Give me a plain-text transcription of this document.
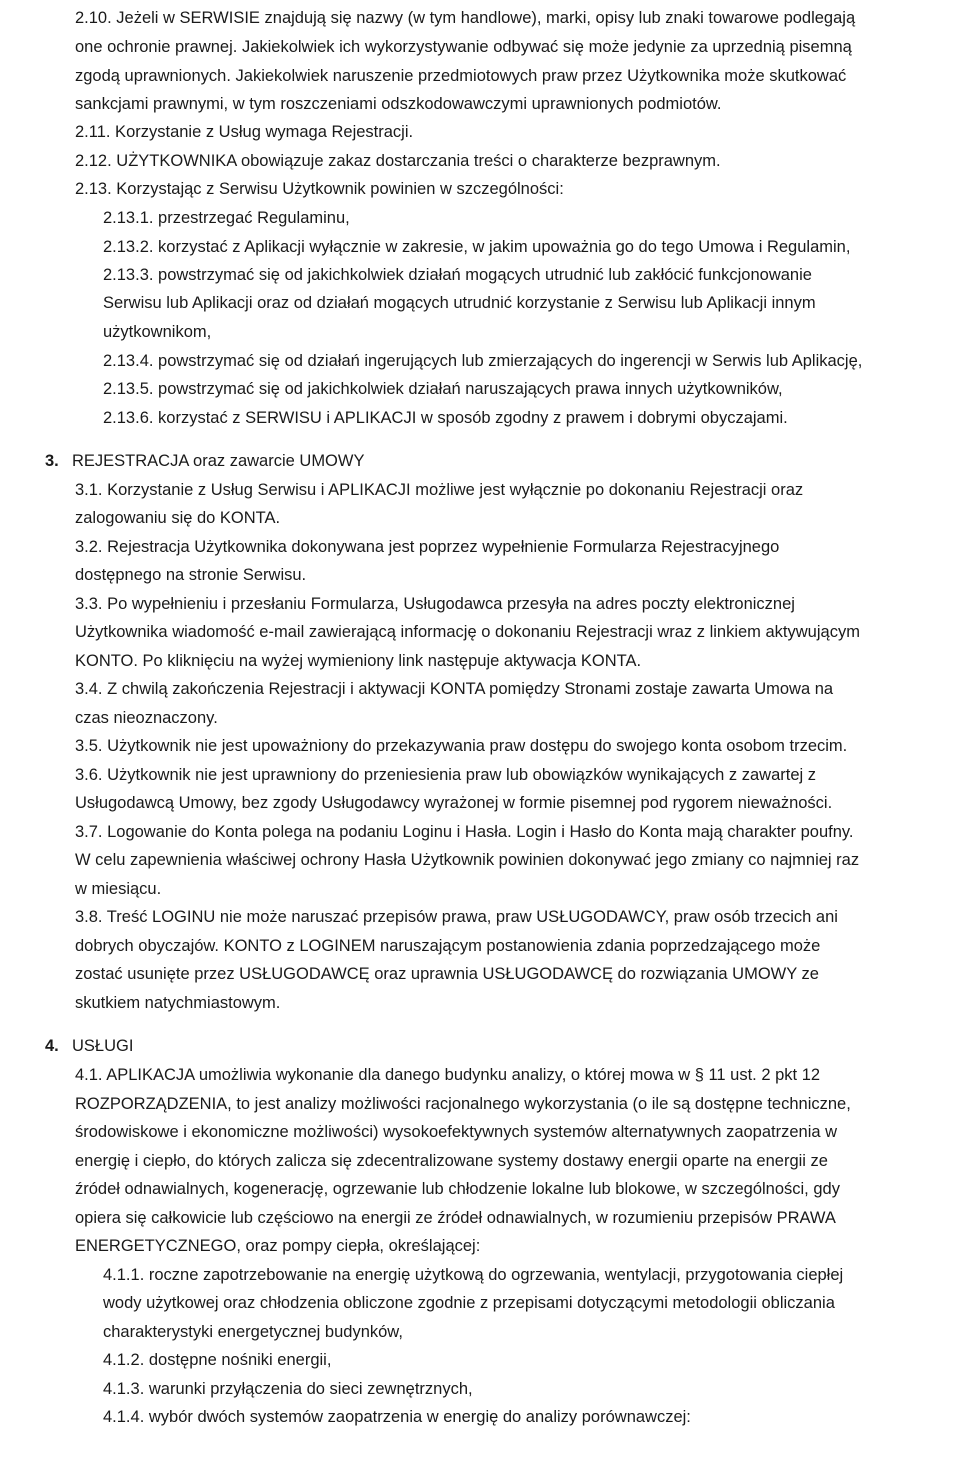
2.10. Jeżeli w SERWISIE znajdują się nazwy (w tym handlowe), marki, opisy lub znaki towarowe podlegają
one ochronie prawnej. Jakiekolwiek ich wykorzystywanie odbywać się może jedynie za uprzednią pisemną
zgodą uprawnionych. Jakiekolwiek naruszenie przedmiotowych praw przez Użytkownika może skutkować
sankcjami prawnymi, w tym roszczeniami odszkodowawczymi uprawnionych podmiotów.
2.11. Korzystanie z Usług wymaga Rejestracji.
2.12. UŻYTKOWNIKA obowiązuje zakaz dostarczania treści o charakterze bezprawnym.
2.13. Korzystając z Serwisu Użytkownik powinien w szczególności:
2.13.1. przestrzegać Regulaminu,
2.13.2. korzystać z Aplikacji wyłącznie w zakresie, w jakim upoważnia go do tego Umowa i Regulamin,
2.13.3. powstrzymać się od jakichkolwiek działań mogących utrudnić lub zakłócić funkcjonowanie
Serwisu lub Aplikacji oraz od działań mogących utrudnić korzystanie z Serwisu lub Aplikacji innym
użytkownikom,
2.13.4. powstrzymać się od działań ingerujących lub zmierzających do ingerencji w Serwis lub Aplikację,
2.13.5. powstrzymać się od jakichkolwiek działań naruszających prawa innych użytkowników,
2.13.6. korzystać z SERWISU i APLIKACJI w sposób zgodny z prawem i dobrymi obyczajami.
3. REJESTRACJA oraz zawarcie UMOWY
3.1. Korzystanie z Usług Serwisu i APLIKACJI możliwe jest wyłącznie po dokonaniu Rejestracji oraz
zalogowaniu się do KONTA.
3.2. Rejestracja Użytkownika dokonywana jest poprzez wypełnienie Formularza Rejestracyjnego
dostępnego na stronie Serwisu.
3.3. Po wypełnieniu i przesłaniu Formularza, Usługodawca przesyła na adres poczty elektronicznej
Użytkownika wiadomość e-mail zawierającą informację o dokonaniu Rejestracji wraz z linkiem aktywującym
KONTO. Po kliknięciu na wyżej wymieniony link następuje aktywacja KONTA.
3.4. Z chwilą zakończenia Rejestracji i aktywacji KONTA pomiędzy Stronami zostaje zawarta Umowa na
czas nieoznaczony.
3.5. Użytkownik nie jest upoważniony do przekazywania praw dostępu do swojego konta osobom trzecim.
3.6. Użytkownik nie jest uprawniony do przeniesienia praw lub obowiązków wynikających z zawartej z
Usługodawcą Umowy, bez zgody Usługodawcy wyrażonej w formie pisemnej pod rygorem nieważności.
3.7. Logowanie do Konta polega na podaniu Loginu i Hasła. Login i Hasło do Konta mają charakter poufny.
W celu zapewnienia właściwej ochrony Hasła Użytkownik powinien dokonywać jego zmiany co najmniej raz
w miesiącu.
3.8. Treść LOGINU nie może naruszać przepisów prawa, praw USŁUGODAWCY, praw osób trzecich ani
dobrych obyczajów. KONTO z LOGINEM naruszającym postanowienia zdania poprzedzającego może
zostać usunięte przez USŁUGODAWCĘ oraz uprawnia USŁUGODAWCĘ do rozwiązania UMOWY ze
skutkiem natychmiastowym.
4. USŁUGI
4.1. APLIKACJA umożliwia wykonanie dla danego budynku analizy, o której mowa w § 11 ust. 2 pkt 12
ROZPORZĄDZENIA, to jest analizy możliwości racjonalnego wykorzystania (o ile są dostępne techniczne,
środowiskowe i ekonomiczne możliwości) wysokoefektywnych systemów alternatywnych zaopatrzenia w
energię i ciepło, do których zalicza się zdecentralizowane systemy dostawy energii oparte na energii ze
źródeł odnawialnych, kogenerację, ogrzewanie lub chłodzenie lokalne lub blokowe, w szczególności, gdy
opiera się całkowicie lub częściowo na energii ze źródeł odnawialnych, w rozumieniu przepisów PRAWA
ENERGETYCZNEGO, oraz pompy ciepła, określającej:
4.1.1. roczne zapotrzebowanie na energię użytkową do ogrzewania, wentylacji, przygotowania ciepłej
wody użytkowej oraz chłodzenia obliczone zgodnie z przepisami dotyczącymi metodologii obliczania
charakterystyki energetycznej budynków,
4.1.2. dostępne nośniki energii,
4.1.3. warunki przyłączenia do sieci zewnętrznych,
4.1.4. wybór dwóch systemów zaopatrzenia w energię do analizy porównawczej:
